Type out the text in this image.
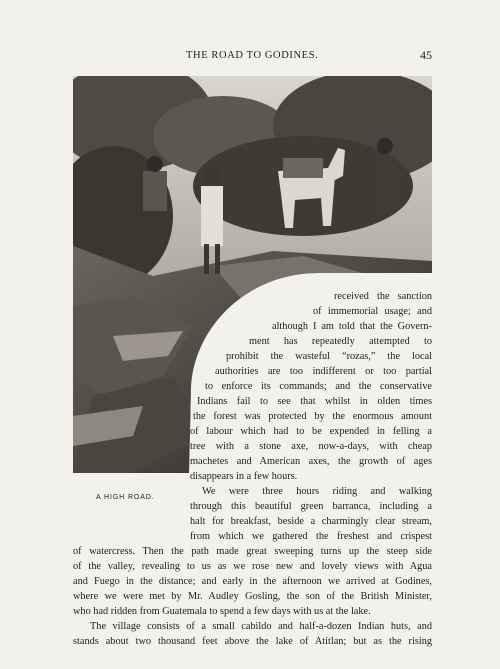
THE ROAD TO GODINES.	45
A HIGH ROAD.
received the sanction
of immemorial usage; and
although I am told that the Govern-
ment has repeatedly attempted to
prohibit the wasteful “rozas,” the local
authorities are too indifferent or too partial
to enforce its commands; and the conservative
Indians fail to see that whilst in olden times
the forest was protected by the enormous amount
of labour which had to be expended in felling a
tree with a stone axe, now-a-days, with cheap
machetes and American axes, the growth of ages
disappears in a few hours.
We were three hours riding and walking
through this beautiful green barranca, including a
halt for breakfast, beside a charmingly clear stream,
from which we gathered the freshest and crispest
of watercress. Then the path made great sweeping turns up the steep side
of the valley, revealing to us as we rose new and lovely views with Agua
and Fuego in the distance; and early in the afternoon we arrived at Godines,
where we were met by Mr. Audley Gosling, the son of the British Minister,
who had ridden from Guatemala to spend a few days with us at the lake.
The village consists of a small cabildo and half-a-dozen Indian huts, and
stands about two thousand feet above the lake of Atitlan; but as the rising
